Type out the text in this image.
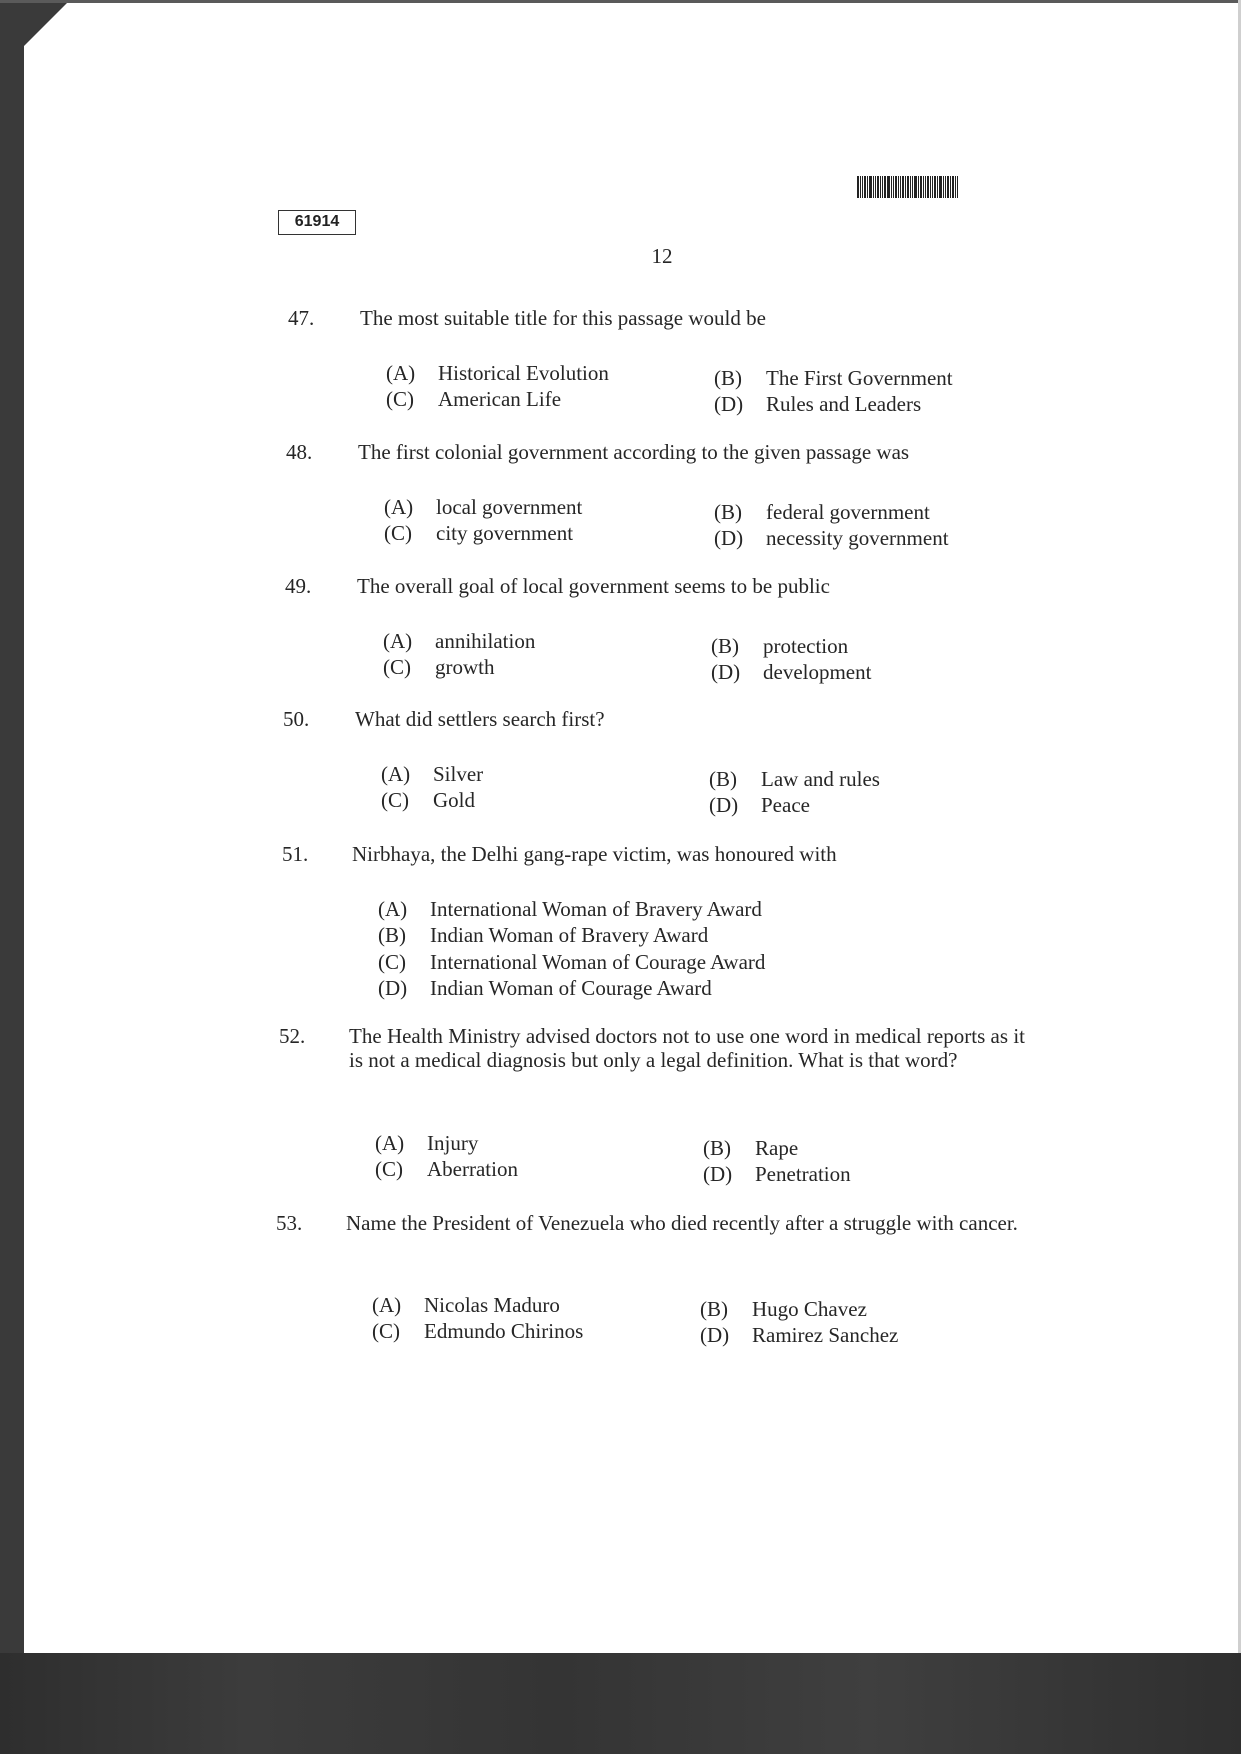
61914
12
47.	The most suitable title for this passage would be
(A) Historical Evolution	(B) The First Government
(C) American Life	(D) Rules and Leaders
48.	The first colonial government according to the given passage was
(A) local government	(B) federal government
(C) city government	(D) necessity government
49.	The overall goal of local government seems to be public
(A) annihilation	(B) protection
(C) growth	(D) development
50.	What did settlers search first?
(A) Silver	(B) Law and rules
(C) Gold	(D) Peace
51.	Nirbhaya, the Delhi gang-rape victim, was honoured with
(A) International Woman of Bravery Award
(B) Indian Woman of Bravery Award
(C) International Woman of Courage Award
(D) Indian Woman of Courage Award
52.	The Health Ministry advised doctors not to use one word in medical reports as it is not a medical diagnosis but only a legal definition. What is that word?
(A) Injury	(B) Rape
(C) Aberration	(D) Penetration
53.	Name the President of Venezuela who died recently after a struggle with cancer.
(A) Nicolas Maduro	(B) Hugo Chavez
(C) Edmundo Chirinos	(D) Ramirez Sanchez
